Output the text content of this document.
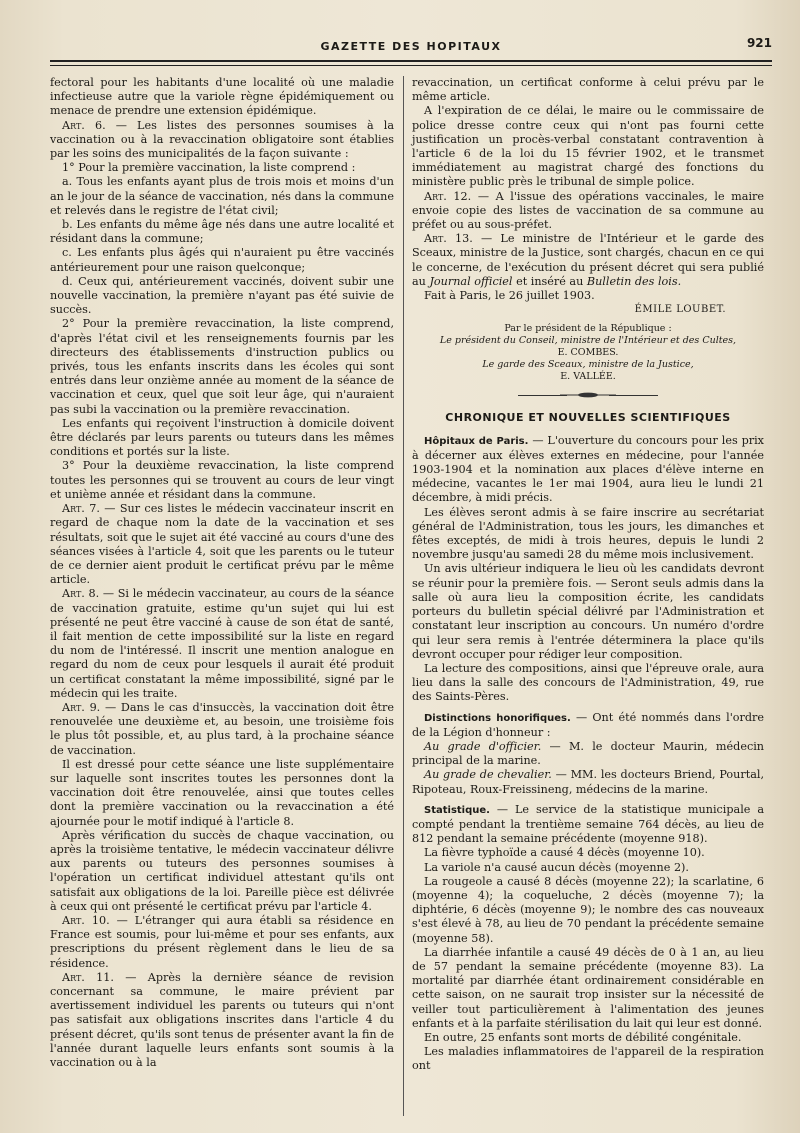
GAZETTE DES HOPITAUX	921

fectoral pour les habitants d'une localité où une maladie infectieuse autre que la variole règne épidémiquement ou menace de prendre une extension épidémique.

Art. 6. — Les listes des personnes soumises à la vaccination ou à la revaccination obligatoire sont établies par les soins des municipalités de la façon suivante :

1° Pour la première vaccination, la liste comprend :

a. Tous les enfants ayant plus de trois mois et moins d'un an le jour de la séance de vaccination, nés dans la commune et relevés dans le registre de l'état civil;

b. Les enfants du même âge nés dans une autre localité et résidant dans la commune;

c. Les enfants plus âgés qui n'auraient pu être vaccinés antérieurement pour une raison quelconque;

d. Ceux qui, antérieurement vaccinés, doivent subir une nouvelle vaccination, la première n'ayant pas été suivie de succès.

2° Pour la première revaccination, la liste comprend, d'après l'état civil et les renseignements fournis par les directeurs des établissements d'instruction publics ou privés, tous les enfants inscrits dans les écoles qui sont entrés dans leur onzième année au moment de la séance de vaccination et ceux, quel que soit leur âge, qui n'auraient pas subi la vaccination ou la première revaccination.

Les enfants qui reçoivent l'instruction à domicile doivent être déclarés par leurs parents ou tuteurs dans les mêmes conditions et portés sur la liste.

3° Pour la deuxième revaccination, la liste comprend toutes les personnes qui se trouvent au cours de leur vingt et unième année et résidant dans la commune.

Art. 7. — Sur ces listes le médecin vaccinateur inscrit en regard de chaque nom la date de la vaccination et ses résultats, soit que le sujet ait été vacciné au cours d'une des séances visées à l'article 4, soit que les parents ou le tuteur de ce dernier aient produit le certificat prévu par le même article.

Art. 8. — Si le médecin vaccinateur, au cours de la séance de vaccination gratuite, estime qu'un sujet qui lui est présenté ne peut être vacciné à cause de son état de santé, il fait mention de cette impossibilité sur la liste en regard du nom de l'intéressé. Il inscrit une mention analogue en regard du nom de ceux pour lesquels il aurait été produit un certificat constatant la même impossibilité, signé par le médecin qui les traite.

Art. 9. — Dans le cas d'insuccès, la vaccination doit être renouvelée une deuxième et, au besoin, une troisième fois le plus tôt possible, et, au plus tard, à la prochaine séance de vaccination.

Il est dressé pour cette séance une liste supplémentaire sur laquelle sont inscrites toutes les personnes dont la vaccination doit être renouvelée, ainsi que toutes celles dont la première vaccination ou la revaccination a été ajournée pour le motif indiqué à l'article 8.

Après vérification du succès de chaque vaccination, ou après la troisième tentative, le médecin vaccinateur délivre aux parents ou tuteurs des personnes soumises à l'opération un certificat individuel attestant qu'ils ont satisfait aux obligations de la loi. Pareille pièce est délivrée à ceux qui ont présenté le certificat prévu par l'article 4.

Art. 10. — L'étranger qui aura établi sa résidence en France est soumis, pour lui-même et pour ses enfants, aux prescriptions du présent règlement dans le lieu de sa résidence.

Art. 11. — Après la dernière séance de revision concernant sa commune, le maire prévient par avertissement individuel les parents ou tuteurs qui n'ont pas satisfait aux obligations inscrites dans l'article 4 du présent décret, qu'ils sont tenus de présenter avant la fin de l'année durant laquelle leurs enfants sont soumis à la vaccination ou à la

revaccination, un certificat conforme à celui prévu par le même article.

A l'expiration de ce délai, le maire ou le commissaire de police dresse contre ceux qui n'ont pas fourni cette justification un procès-verbal constatant contravention à l'article 6 de la loi du 15 février 1902, et le transmet immédiatement au magistrat chargé des fonctions du ministère public près le tribunal de simple police.

Art. 12. — A l'issue des opérations vaccinales, le maire envoie copie des listes de vaccination de sa commune au préfet ou au sous-préfet.

Art. 13. — Le ministre de l'Intérieur et le garde des Sceaux, ministre de la Justice, sont chargés, chacun en ce qui le concerne, de l'exécution du présent décret qui sera publié au Journal officiel et inséré au Bulletin des lois.

Fait à Paris, le 26 juillet 1903.

ÉMILE LOUBET.
Par le président de la République :
Le président du Conseil, ministre de l'Intérieur et des Cultes,
E. COMBES.
Le garde des Sceaux, ministre de la Justice,
E. VALLÉE.
CHRONIQUE ET NOUVELLES SCIENTIFIQUES

Hôpitaux de Paris. — L'ouverture du concours pour les prix à décerner aux élèves externes en médecine, pour l'année 1903-1904 et la nomination aux places d'élève interne en médecine, vacantes le 1er mai 1904, aura lieu le lundi 21 décembre, à midi précis.

Les élèves seront admis à se faire inscrire au secrétariat général de l'Administration, tous les jours, les dimanches et fêtes exceptés, de midi à trois heures, depuis le lundi 2 novembre jusqu'au samedi 28 du même mois inclusivement.

Un avis ultérieur indiquera le lieu où les candidats devront se réunir pour la première fois. — Seront seuls admis dans la salle où aura lieu la composition écrite, les candidats porteurs du bulletin spécial délivré par l'Administration et constatant leur inscription au concours. Un numéro d'ordre qui leur sera remis à l'entrée déterminera la place qu'ils devront occuper pour rédiger leur composition.

La lecture des compositions, ainsi que l'épreuve orale, aura lieu dans la salle des concours de l'Administration, 49, rue des Saints-Pères.

Distinctions honorifiques. — Ont été nommés dans l'ordre de la Légion d'honneur :

Au grade d'officier. — M. le docteur Maurin, médecin principal de la marine.

Au grade de chevalier. — MM. les docteurs Briend, Pourtal, Ripoteau, Roux-Freissineng, médecins de la marine.

Statistique. — Le service de la statistique municipale a compté pendant la trentième semaine 764 décès, au lieu de 812 pendant la semaine précédente (moyenne 918).

La fièvre typhoïde a causé 4 décès (moyenne 10).

La variole n'a causé aucun décès (moyenne 2).

La rougeole a causé 8 décès (moyenne 22); la scarlatine, 6 (moyenne 4); la coqueluche, 2 décès (moyenne 7); la diphtérie, 6 décès (moyenne 9); le nombre des cas nouveaux s'est élevé à 78, au lieu de 70 pendant la précédente semaine (moyenne 58).

La diarrhée infantile a causé 49 décès de 0 à 1 an, au lieu de 57 pendant la semaine précédente (moyenne 83). La mortalité par diarrhée étant ordinairement considérable en cette saison, on ne saurait trop insister sur la nécessité de veiller tout particulièrement à l'alimentation des jeunes enfants et à la parfaite stérilisation du lait qui leur est donné.

En outre, 25 enfants sont morts de débilité congénitale.

Les maladies inflammatoires de l'appareil de la respiration ont
